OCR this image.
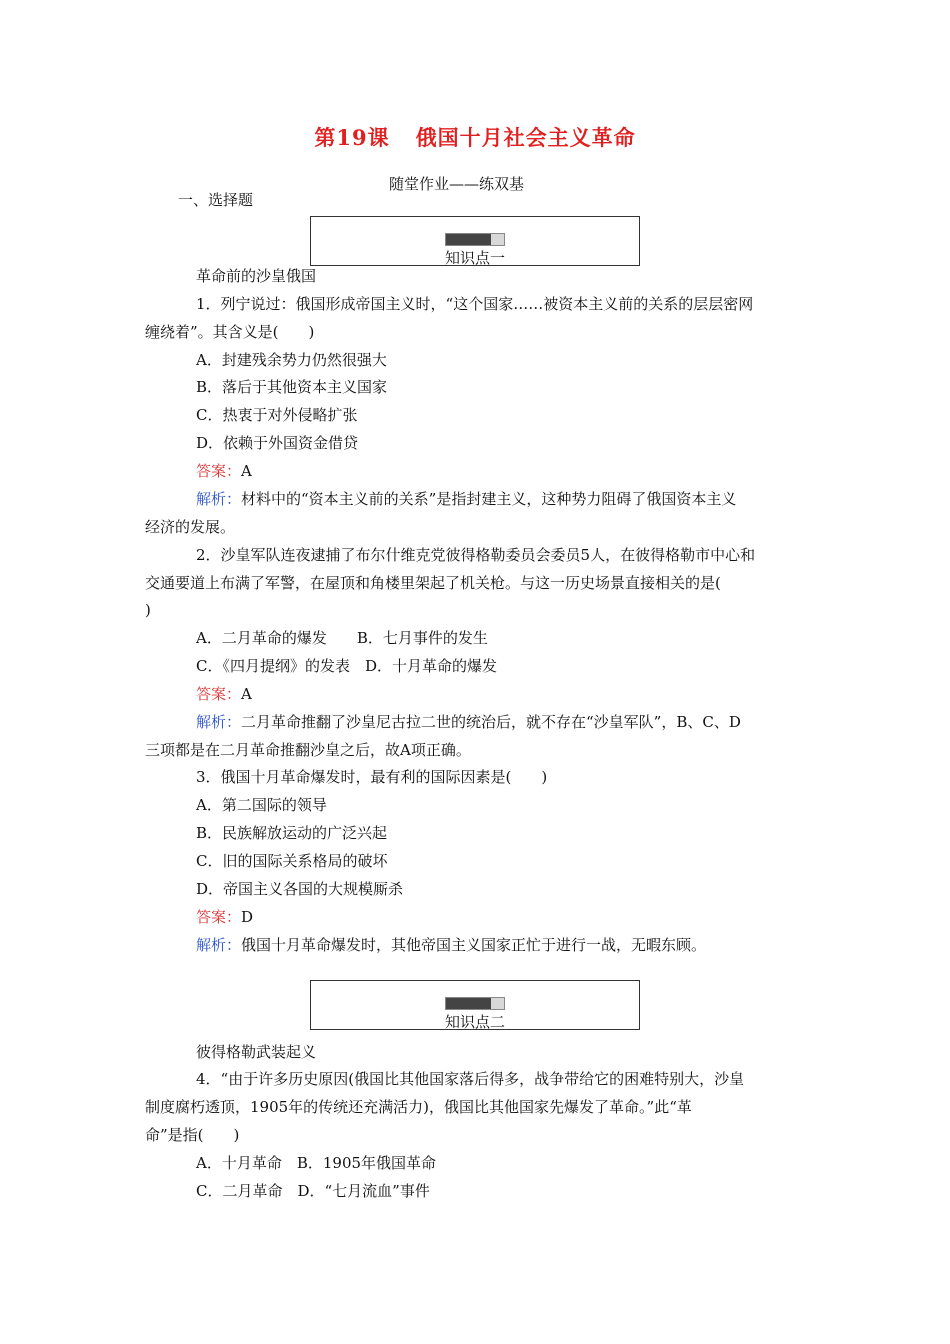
第19课 俄国十月社会主义革命
随堂作业——练双基
一、选择题
知识点一
革命前的沙皇俄国
1．列宁说过：俄国形成帝国主义时，“这个国家……被资本主义前的关系的层层密网
缠绕着”。其含义是(　　)
A．封建残余势力仍然很强大
B．落后于其他资本主义国家
C．热衷于对外侵略扩张
D．依赖于外国资金借贷
答案：A
解析：材料中的“资本主义前的关系”是指封建主义，这种势力阻碍了俄国资本主义
经济的发展。
2．沙皇军队连夜逮捕了布尔什维克党彼得格勒委员会委员5人，在彼得格勒市中心和
交通要道上布满了军警，在屋顶和角楼里架起了机关枪。与这一历史场景直接相关的是(
)
A．二月革命的爆发　　B．七月事件的发生
C．《四月提纲》的发表　D．十月革命的爆发
答案：A
解析：二月革命推翻了沙皇尼古拉二世的统治后，就不存在“沙皇军队”，B、C、D
三项都是在二月革命推翻沙皇之后，故A项正确。
3．俄国十月革命爆发时，最有利的国际因素是(　　)
A．第二国际的领导
B．民族解放运动的广泛兴起
C．旧的国际关系格局的破坏
D．帝国主义各国的大规模厮杀
答案：D
解析：俄国十月革命爆发时，其他帝国主义国家正忙于进行一战，无暇东顾。
知识点二
彼得格勒武装起义
4．“由于许多历史原因(俄国比其他国家落后得多，战争带给它的困难特别大，沙皇
制度腐朽透顶，1905年的传统还充满活力)，俄国比其他国家先爆发了革命。”此“革
命”是指(　　)
A．十月革命　B．1905年俄国革命
C．二月革命　D．“七月流血”事件
